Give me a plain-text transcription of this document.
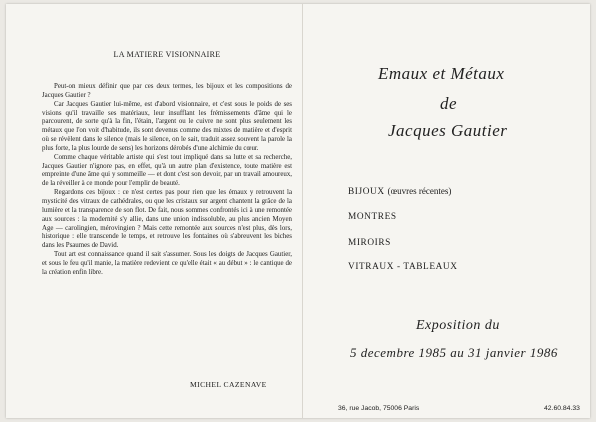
LA MATIERE VISIONNAIRE

Peut-on mieux définir que par ces deux termes, les bijoux et les compositions de Jacques Gautier ?

Car Jacques Gautier lui-même, est d'abord visionnaire, et c'est sous le poids de ses visions qu'il travaille ses matériaux, leur insufflant les frémissements d'âme qui le parcourent, de sorte qu'à la fin, l'étain, l'argent ou le cuivre ne sont plus seulement les métaux que l'on voit d'habitude, ils sont devenus comme des mixtes de matière et d'esprit où se révèlent dans le silence (mais le silence, on le sait, traduit assez souvent la parole la plus forte, la plus lourde de sens) les horizons dérobés d'une alchimie du cœur.

Comme chaque véritable artiste qui s'est tout impliqué dans sa lutte et sa recherche, Jacques Gautier n'ignore pas, en effet, qu'à un autre plan d'existence, toute matière est empreinte d'une âme qui y sommeille — et dont c'est son devoir, par un travail amoureux, de la réveiller à ce monde pour l'emplir de beauté.

Regardons ces bijoux : ce n'est certes pas pour rien que les émaux y retrouvent la mysticité des vitraux de cathédrales, ou que les cristaux sur argent chantent la grâce de la lumière et la transparence de son flot. De fait, nous sommes confrontés ici à une remontée aux sources : la modernité s'y allie, dans une union indissoluble, au plus ancien Moyen Age — carolingien, mérovingien ? Mais cette remontée aux sources n'est plus, dès lors, historique : elle transcende le temps, et retrouve les fontaines où s'abreuvent les biches dans les Psaumes de David.

Tout art est connaissance quand il sait s'assumer. Sous les doigts de Jacques Gautier, et sous le feu qu'il manie, la matière redevient ce qu'elle était « au début » : le cantique de la création enfin libre.

MICHEL CAZENAVE
Emaux et Métaux
de
Jacques Gautier
BIJOUX (œuvres récentes)
MONTRES
MIROIRS
VITRAUX - TABLEAUX
Exposition du
5 decembre 1985 au 31 janvier 1986
36, rue Jacob, 75006 Paris	42.60.84.33
